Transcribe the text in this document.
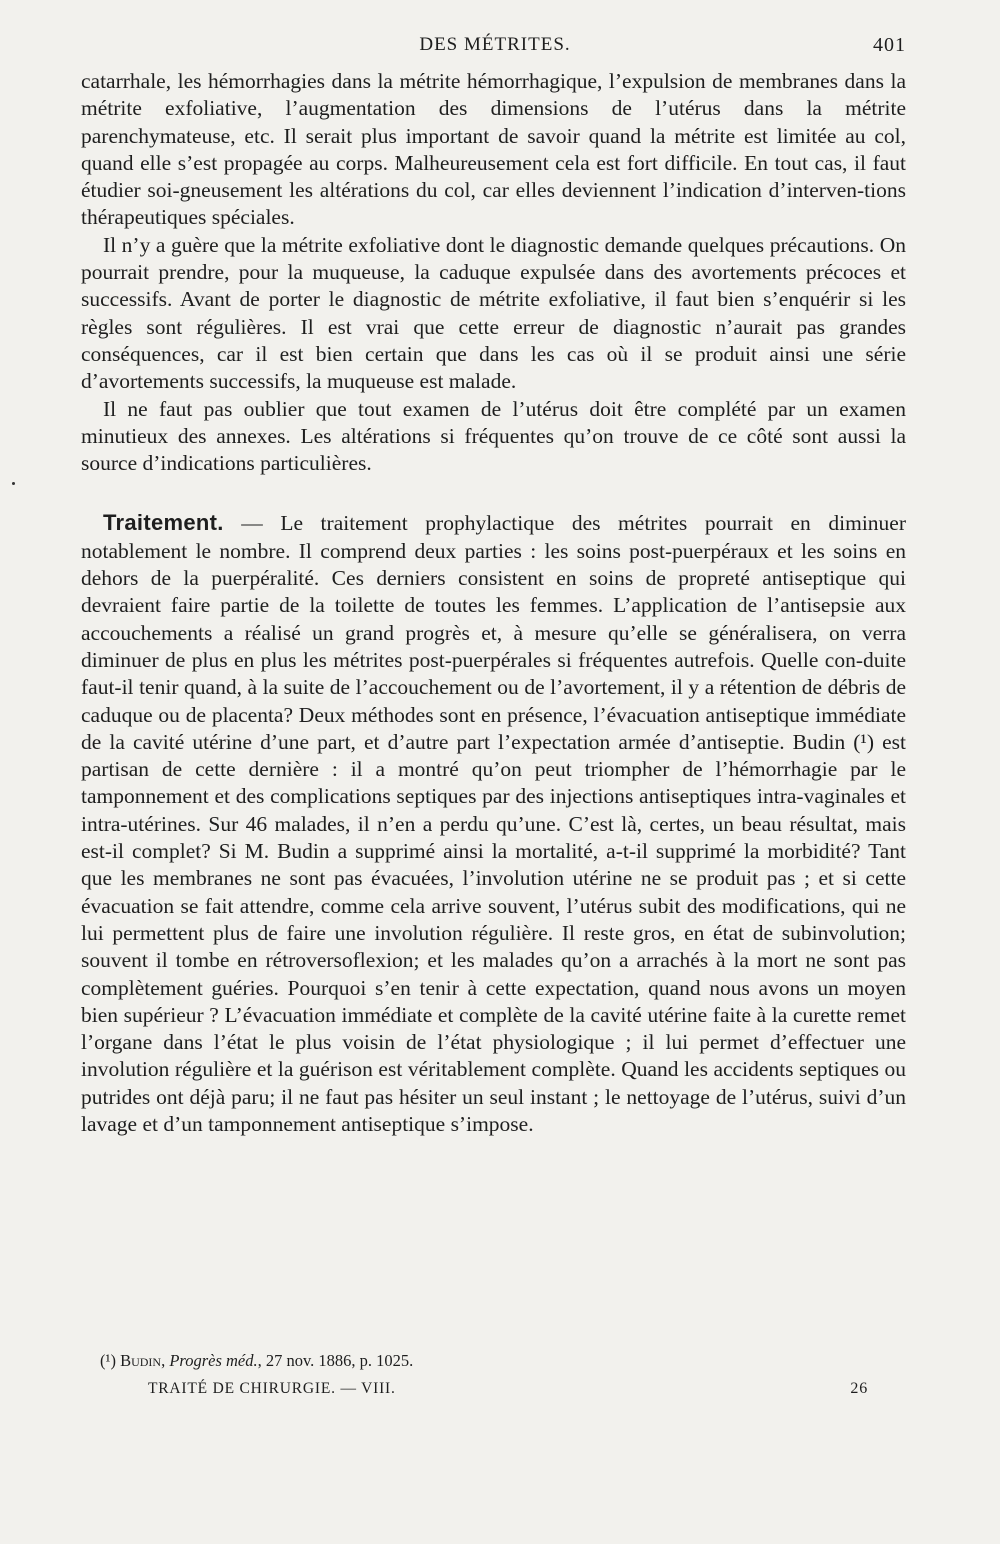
DES MÉTRITES.	401

catarrhale, les hémorrhagies dans la métrite hémorrhagique, l’expulsion de membranes dans la métrite exfoliative, l’augmentation des dimensions de l’utérus dans la métrite parenchymateuse, etc. Il serait plus important de savoir quand la métrite est limitée au col, quand elle s’est propagée au corps. Malheureusement cela est fort difficile. En tout cas, il faut étudier soi-gneusement les altérations du col, car elles deviennent l’indication d’interven-tions thérapeutiques spéciales.

Il n’y a guère que la métrite exfoliative dont le diagnostic demande quelques précautions. On pourrait prendre, pour la muqueuse, la caduque expulsée dans des avortements précoces et successifs. Avant de porter le diagnostic de métrite exfoliative, il faut bien s’enquérir si les règles sont régulières. Il est vrai que cette erreur de diagnostic n’aurait pas grandes conséquences, car il est bien certain que dans les cas où il se produit ainsi une série d’avortements successifs, la muqueuse est malade.

Il ne faut pas oublier que tout examen de l’utérus doit être complété par un examen minutieux des annexes. Les altérations si fréquentes qu’on trouve de ce côté sont aussi la source d’indications particulières.

Traitement. — Le traitement prophylactique des métrites pourrait en diminuer notablement le nombre. Il comprend deux parties : les soins post-puerpéraux et les soins en dehors de la puerpéralité. Ces derniers consistent en soins de propreté antiseptique qui devraient faire partie de la toilette de toutes les femmes. L’application de l’antisepsie aux accouchements a réalisé un grand progrès et, à mesure qu’elle se généralisera, on verra diminuer de plus en plus les métrites post-puerpérales si fréquentes autrefois. Quelle con-duite faut-il tenir quand, à la suite de l’accouchement ou de l’avortement, il y a rétention de débris de caduque ou de placenta? Deux méthodes sont en présence, l’évacuation antiseptique immédiate de la cavité utérine d’une part, et d’autre part l’expectation armée d’antiseptie. Budin (¹) est partisan de cette dernière : il a montré qu’on peut triompher de l’hémorrhagie par le tamponnement et des complications septiques par des injections antiseptiques intra-vaginales et intra-utérines. Sur 46 malades, il n’en a perdu qu’une. C’est là, certes, un beau résultat, mais est-il complet? Si M. Budin a supprimé ainsi la mortalité, a-t-il supprimé la morbidité? Tant que les membranes ne sont pas évacuées, l’involution utérine ne se produit pas ; et si cette évacuation se fait attendre, comme cela arrive souvent, l’utérus subit des modifications, qui ne lui permettent plus de faire une involution régulière. Il reste gros, en état de subinvolution; souvent il tombe en rétroversoflexion; et les malades qu’on a arrachés à la mort ne sont pas complètement guéries. Pourquoi s’en tenir à cette expectation, quand nous avons un moyen bien supérieur ? L’évacuation immédiate et complète de la cavité utérine faite à la curette remet l’organe dans l’état le plus voisin de l’état physiologique ; il lui permet d’effectuer une involution régulière et la guérison est véritablement complète. Quand les accidents septiques ou putrides ont déjà paru; il ne faut pas hésiter un seul instant ; le nettoyage de l’utérus, suivi d’un lavage et d’un tamponnement antiseptique s’impose.

(¹) Budin, Progrès méd., 27 nov. 1886, p. 1025.
TRAITÉ DE CHIRURGIE. — VIII.	26
